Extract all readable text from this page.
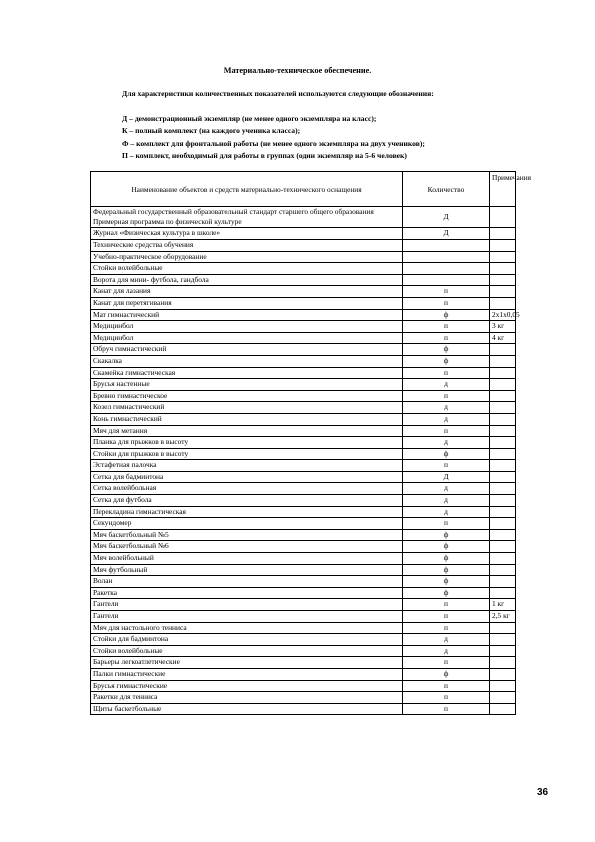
Материально-техническое обеспечение.
Для характеристики количественных показателей используются следующие обозначения:
Д – демонстрационный экземпляр (не менее одного экземпляра на класс);
К – полный комплект (на каждого ученика класса);
Ф – комплект для фронтальной работы (не менее одного экземпляра на двух учеников);
П – комплект, необходимый для работы в группах (один экземпляр на 5-6 человек)
Наименование объектов и средств материально-технического оснащения	Количество	Примечания
Федеральный государственный образовательный стандарт старшего общего образования
Примерная программа по физической культуре	Д	
Журнал «Физическая культура в школе»	Д	
Технические средства обучения		
Учебно-практическое оборудование		
Стойки волейбольные		
Ворота для мини- футбола, гандбола		
Канат для лазания	п	
Канат для перетягивания	п	
Мат гимнастический	ф	2х1х0,05
Медицинбол	п	3 кг
Медицинбол	п	4 кг
Обруч гимнастический	ф	
Скакалка	ф	
Скамейка гимнастическая	п	
Брусья настенные	д	
Бревно гимнастическое	п	
Козел гимнастический	д	
Конь гимнастический	д	
Мяч для метания	п	
Планка для прыжков в высоту	д	
Стойки для прыжков в высоту	ф	
Эстафетная палочка	п	
Сетка для бадминтона	Д	
Сетка волейбольная	д	
Сетка для футбола	д	
Перекладина гимнастическая	д	
Секундомер	п	
Мяч баскетбольный №5	ф	
Мяч баскетбольный №6	ф	
Мяч волейбольный	ф	
Мяч футбольный	ф	
Волан	ф	
Ракетка	ф	
Гантели	п	1 кг
Гантели	п	2,5 кг
Мяч для настольного тенниса	п	
Стойки для бадминтона	д	
Стойки волейбольные	д	
Барьеры легкоатлетические	п	
Палки гимнастические	ф	
Брусья гимнастические	п	
Ракетки для тенниса	п	
Щиты баскетбольные	п	
36
